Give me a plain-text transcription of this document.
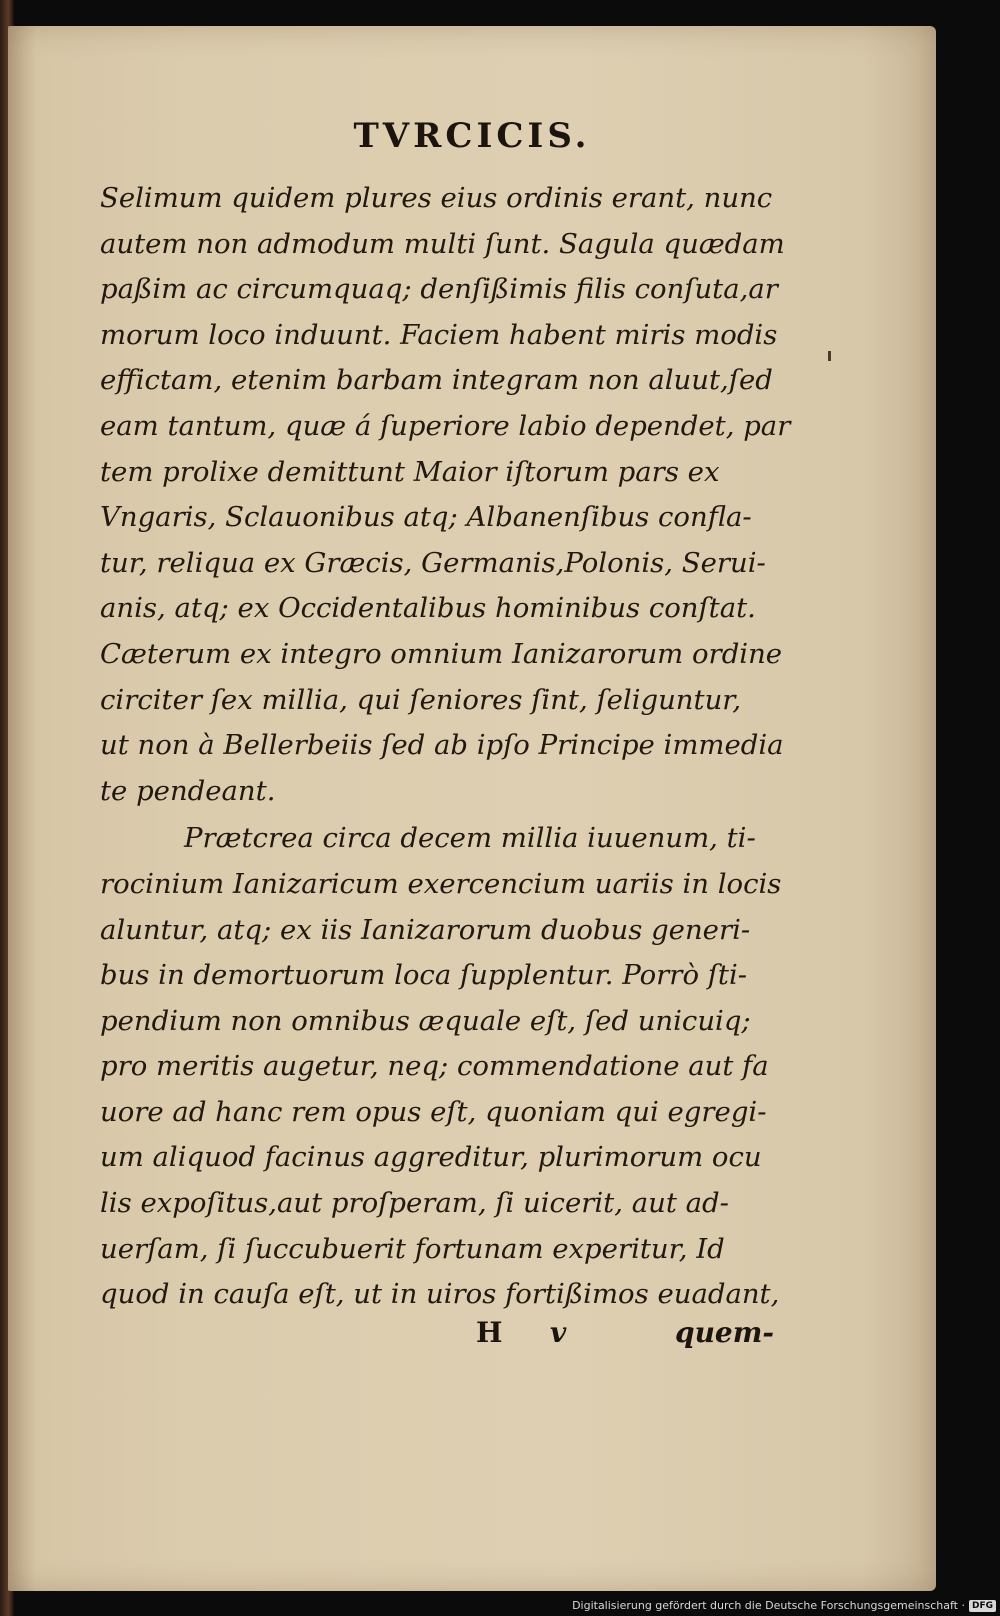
TVRCICIS.
Selimum quidem plures eius ordinis erant, nunc
autem non admodum multi ſunt. Sagula quædam
paßim ac circumquaq; denſißimis filis conſuta,ar
morum loco induunt. Faciem habent miris modis
effictam, etenim barbam integram non aluut,ſed
eam tantum, quæ á ſuperiore labio dependet, par
tem prolixe demittunt Maior iſtorum pars ex
Vngaris, Sclauonibus atq; Albanenſibus confla-
tur, reliqua ex Græcis, Germanis,Polonis, Serui-
anis, atq; ex Occidentalibus hominibus conſtat.
Cæterum ex integro omnium Ianizarorum ordine
circiter ſex millia, qui ſeniores ſint, ſeliguntur,
ut non à Bellerbeiis ſed ab ipſo Principe immedia
te pendeant.
Prætcrea circa decem millia iuuenum, ti-
rocinium Ianizaricum exercencium uariis in locis
aluntur, atq; ex iis Ianizarorum duobus generi-
bus in demortuorum loca ſupplentur. Porrò ſti-
pendium non omnibus æquale eſt, ſed unicuiq;
pro meritis augetur, neq; commendatione aut fa
uore ad hanc rem opus eſt, quoniam qui egregi-
um aliquod facinus aggreditur, plurimorum ocu
lis expoſitus,aut proſperam, ſi uicerit, aut ad-
uerſam, ſi ſuccubuerit fortunam experitur, Id
quod in cauſa eſt, ut in uiros fortißimos euadant,
H v	quem-
Digitalisierung gefördert durch die Deutsche Forschungsgemeinschaft · DFG
